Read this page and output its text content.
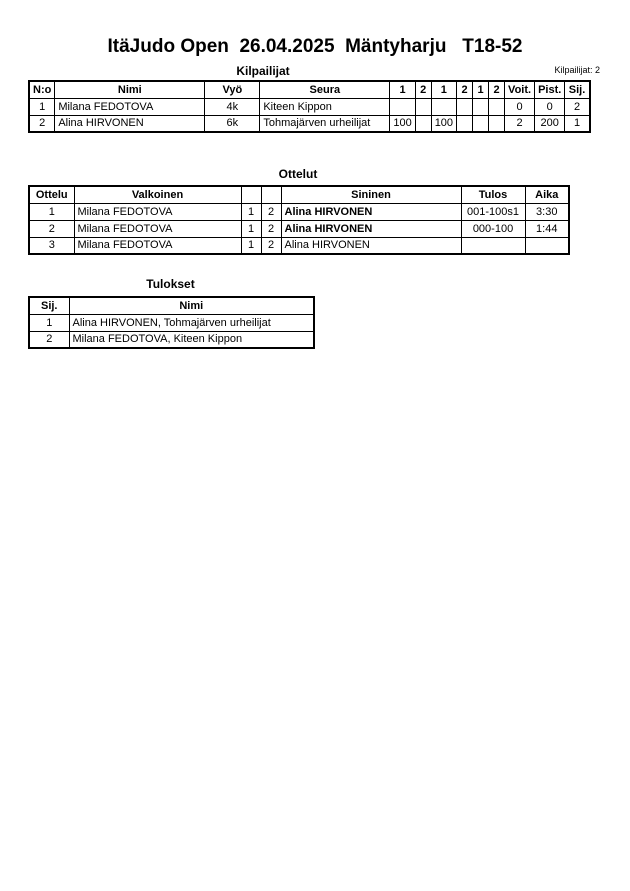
ItäJudo Open  26.04.2025  Mäntyharju   T18-52
Kilpailijat: 2
Kilpailijat
N:o	Nimi	Vyö	Seura	1	2	1	2	1	2	Voit.	Pist.	Sij.
1	Milana FEDOTOVA	4k	Kiteen Kippon							0	0	2
2	Alina HIRVONEN	6k	Tohmajärven urheilijat	100		100				2	200	1
Ottelut
Ottelu	Valkoinen			Sininen	Tulos	Aika
1	Milana FEDOTOVA	1	2	Alina HIRVONEN	001-100s1	3:30
2	Milana FEDOTOVA	1	2	Alina HIRVONEN	000-100	1:44
3	Milana FEDOTOVA	1	2	Alina HIRVONEN		
Tulokset
Sij.	Nimi
1	Alina HIRVONEN, Tohmajärven urheilijat
2	Milana FEDOTOVA, Kiteen Kippon
